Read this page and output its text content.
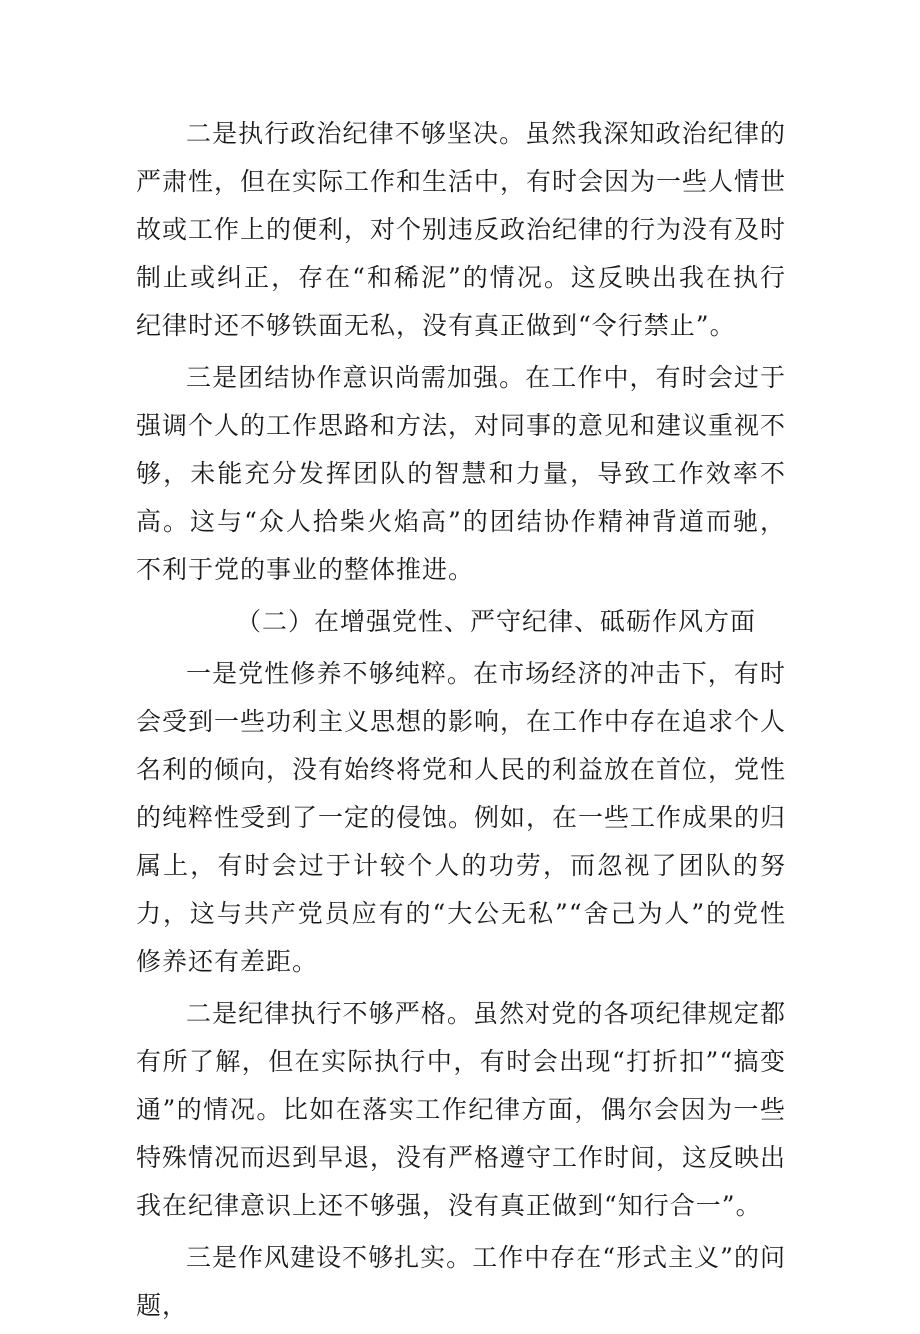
二是执行政治纪律不够坚决。虽然我深知政治纪律的严肃性，但在实际工作和生活中，有时会因为一些人情世故或工作上的便利，对个别违反政治纪律的行为没有及时制止或纠正，存在“和稀泥”的情况。这反映出我在执行纪律时还不够铁面无私，没有真正做到“令行禁止”。

三是团结协作意识尚需加强。在工作中，有时会过于强调个人的工作思路和方法，对同事的意见和建议重视不够，未能充分发挥团队的智慧和力量，导致工作效率不高。这与“众人拾柴火焰高”的团结协作精神背道而驰，不利于党的事业的整体推进。

（二）在增强党性、严守纪律、砥砺作风方面

一是党性修养不够纯粹。在市场经济的冲击下，有时会受到一些功利主义思想的影响，在工作中存在追求个人名利的倾向，没有始终将党和人民的利益放在首位，党性的纯粹性受到了一定的侵蚀。例如，在一些工作成果的归属上，有时会过于计较个人的功劳，而忽视了团队的努力，这与共产党员应有的“大公无私”“舍己为人”的党性修养还有差距。

二是纪律执行不够严格。虽然对党的各项纪律规定都有所了解，但在实际执行中，有时会出现“打折扣”“搞变通”的情况。比如在落实工作纪律方面，偶尔会因为一些特殊情况而迟到早退，没有严格遵守工作时间，这反映出我在纪律意识上还不够强，没有真正做到“知行合一”。

三是作风建设不够扎实。工作中存在“形式主义”的问题，
